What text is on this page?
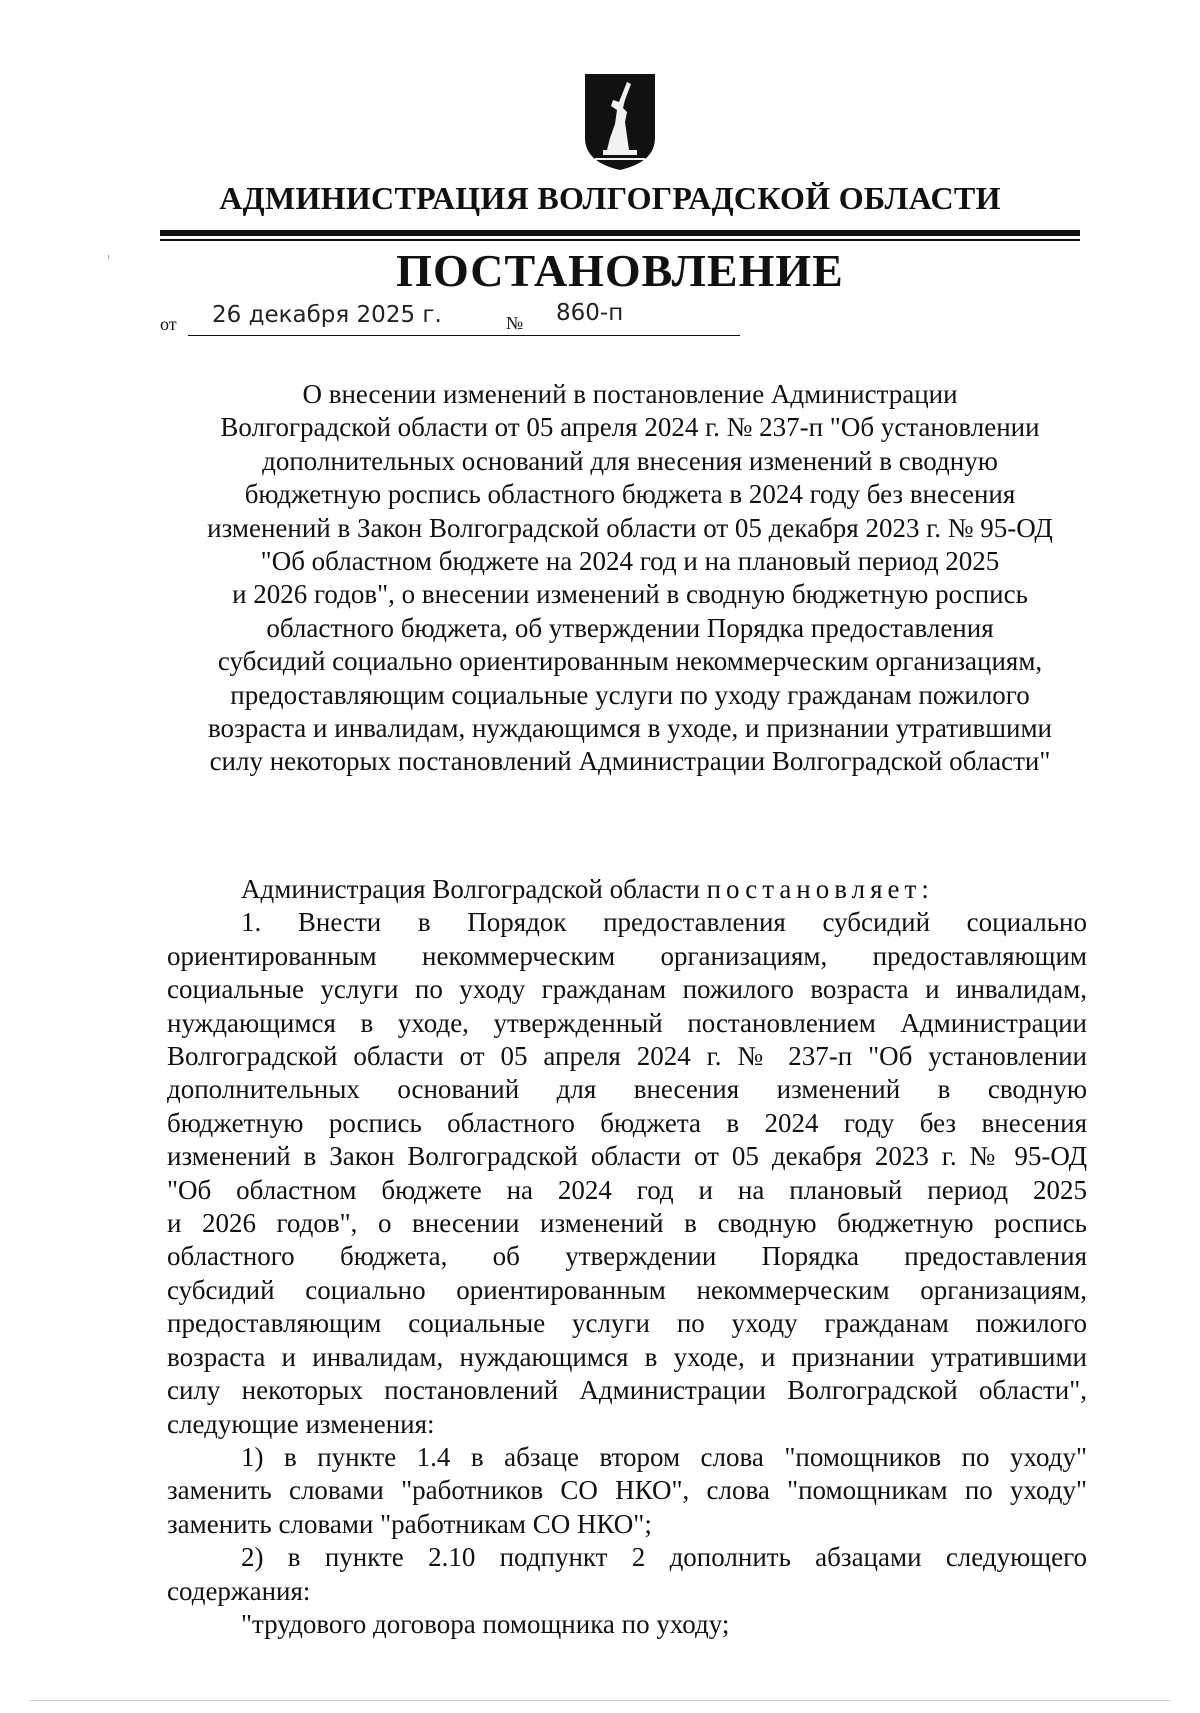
АДМИНИСТРАЦИЯ ВОЛГОГРАДСКОЙ ОБЛАСТИ
ПОСТАНОВЛЕНИЕ
от 26 декабря 2025 г.	№ 860-п
О внесении изменений в постановление Администрации
Волгоградской области от 05 апреля 2024 г. № 237-п "Об установлении
дополнительных оснований для внесения изменений в сводную
бюджетную роспись областного бюджета в 2024 году без внесения
изменений в Закон Волгоградской области от 05 декабря 2023 г. № 95-ОД
"Об областном бюджете на 2024 год и на плановый период 2025
и 2026 годов", о внесении изменений в сводную бюджетную роспись
областного бюджета, об утверждении Порядка предоставления
субсидий социально ориентированным некоммерческим организациям,
предоставляющим социальные услуги по уходу гражданам пожилого
возраста и инвалидам, нуждающимся в уходе, и признании утратившими
силу некоторых постановлений Администрации Волгоградской области"
Администрация Волгоградской области постановляет:
1. Внести в Порядок предоставления субсидий социально
ориентированным некоммерческим организациям, предоставляющим
социальные услуги по уходу гражданам пожилого возраста и инвалидам,
нуждающимся в уходе, утвержденный постановлением Администрации
Волгоградской области от 05 апреля 2024 г. № 237-п "Об установлении
дополнительных оснований для внесения изменений в сводную
бюджетную роспись областного бюджета в 2024 году без внесения
изменений в Закон Волгоградской области от 05 декабря 2023 г. № 95-ОД
"Об областном бюджете на 2024 год и на плановый период 2025
и 2026 годов", о внесении изменений в сводную бюджетную роспись
областного бюджета, об утверждении Порядка предоставления
субсидий социально ориентированным некоммерческим организациям,
предоставляющим социальные услуги по уходу гражданам пожилого
возраста и инвалидам, нуждающимся в уходе, и признании утратившими
силу некоторых постановлений Администрации Волгоградской области",
следующие изменения:
1) в пункте 1.4 в абзаце втором слова "помощников по уходу"
заменить словами "работников СО НКО", слова "помощникам по уходу"
заменить словами "работникам СО НКО";
2) в пункте 2.10 подпункт 2 дополнить абзацами следующего
содержания:
"трудового договора помощника по уходу;
